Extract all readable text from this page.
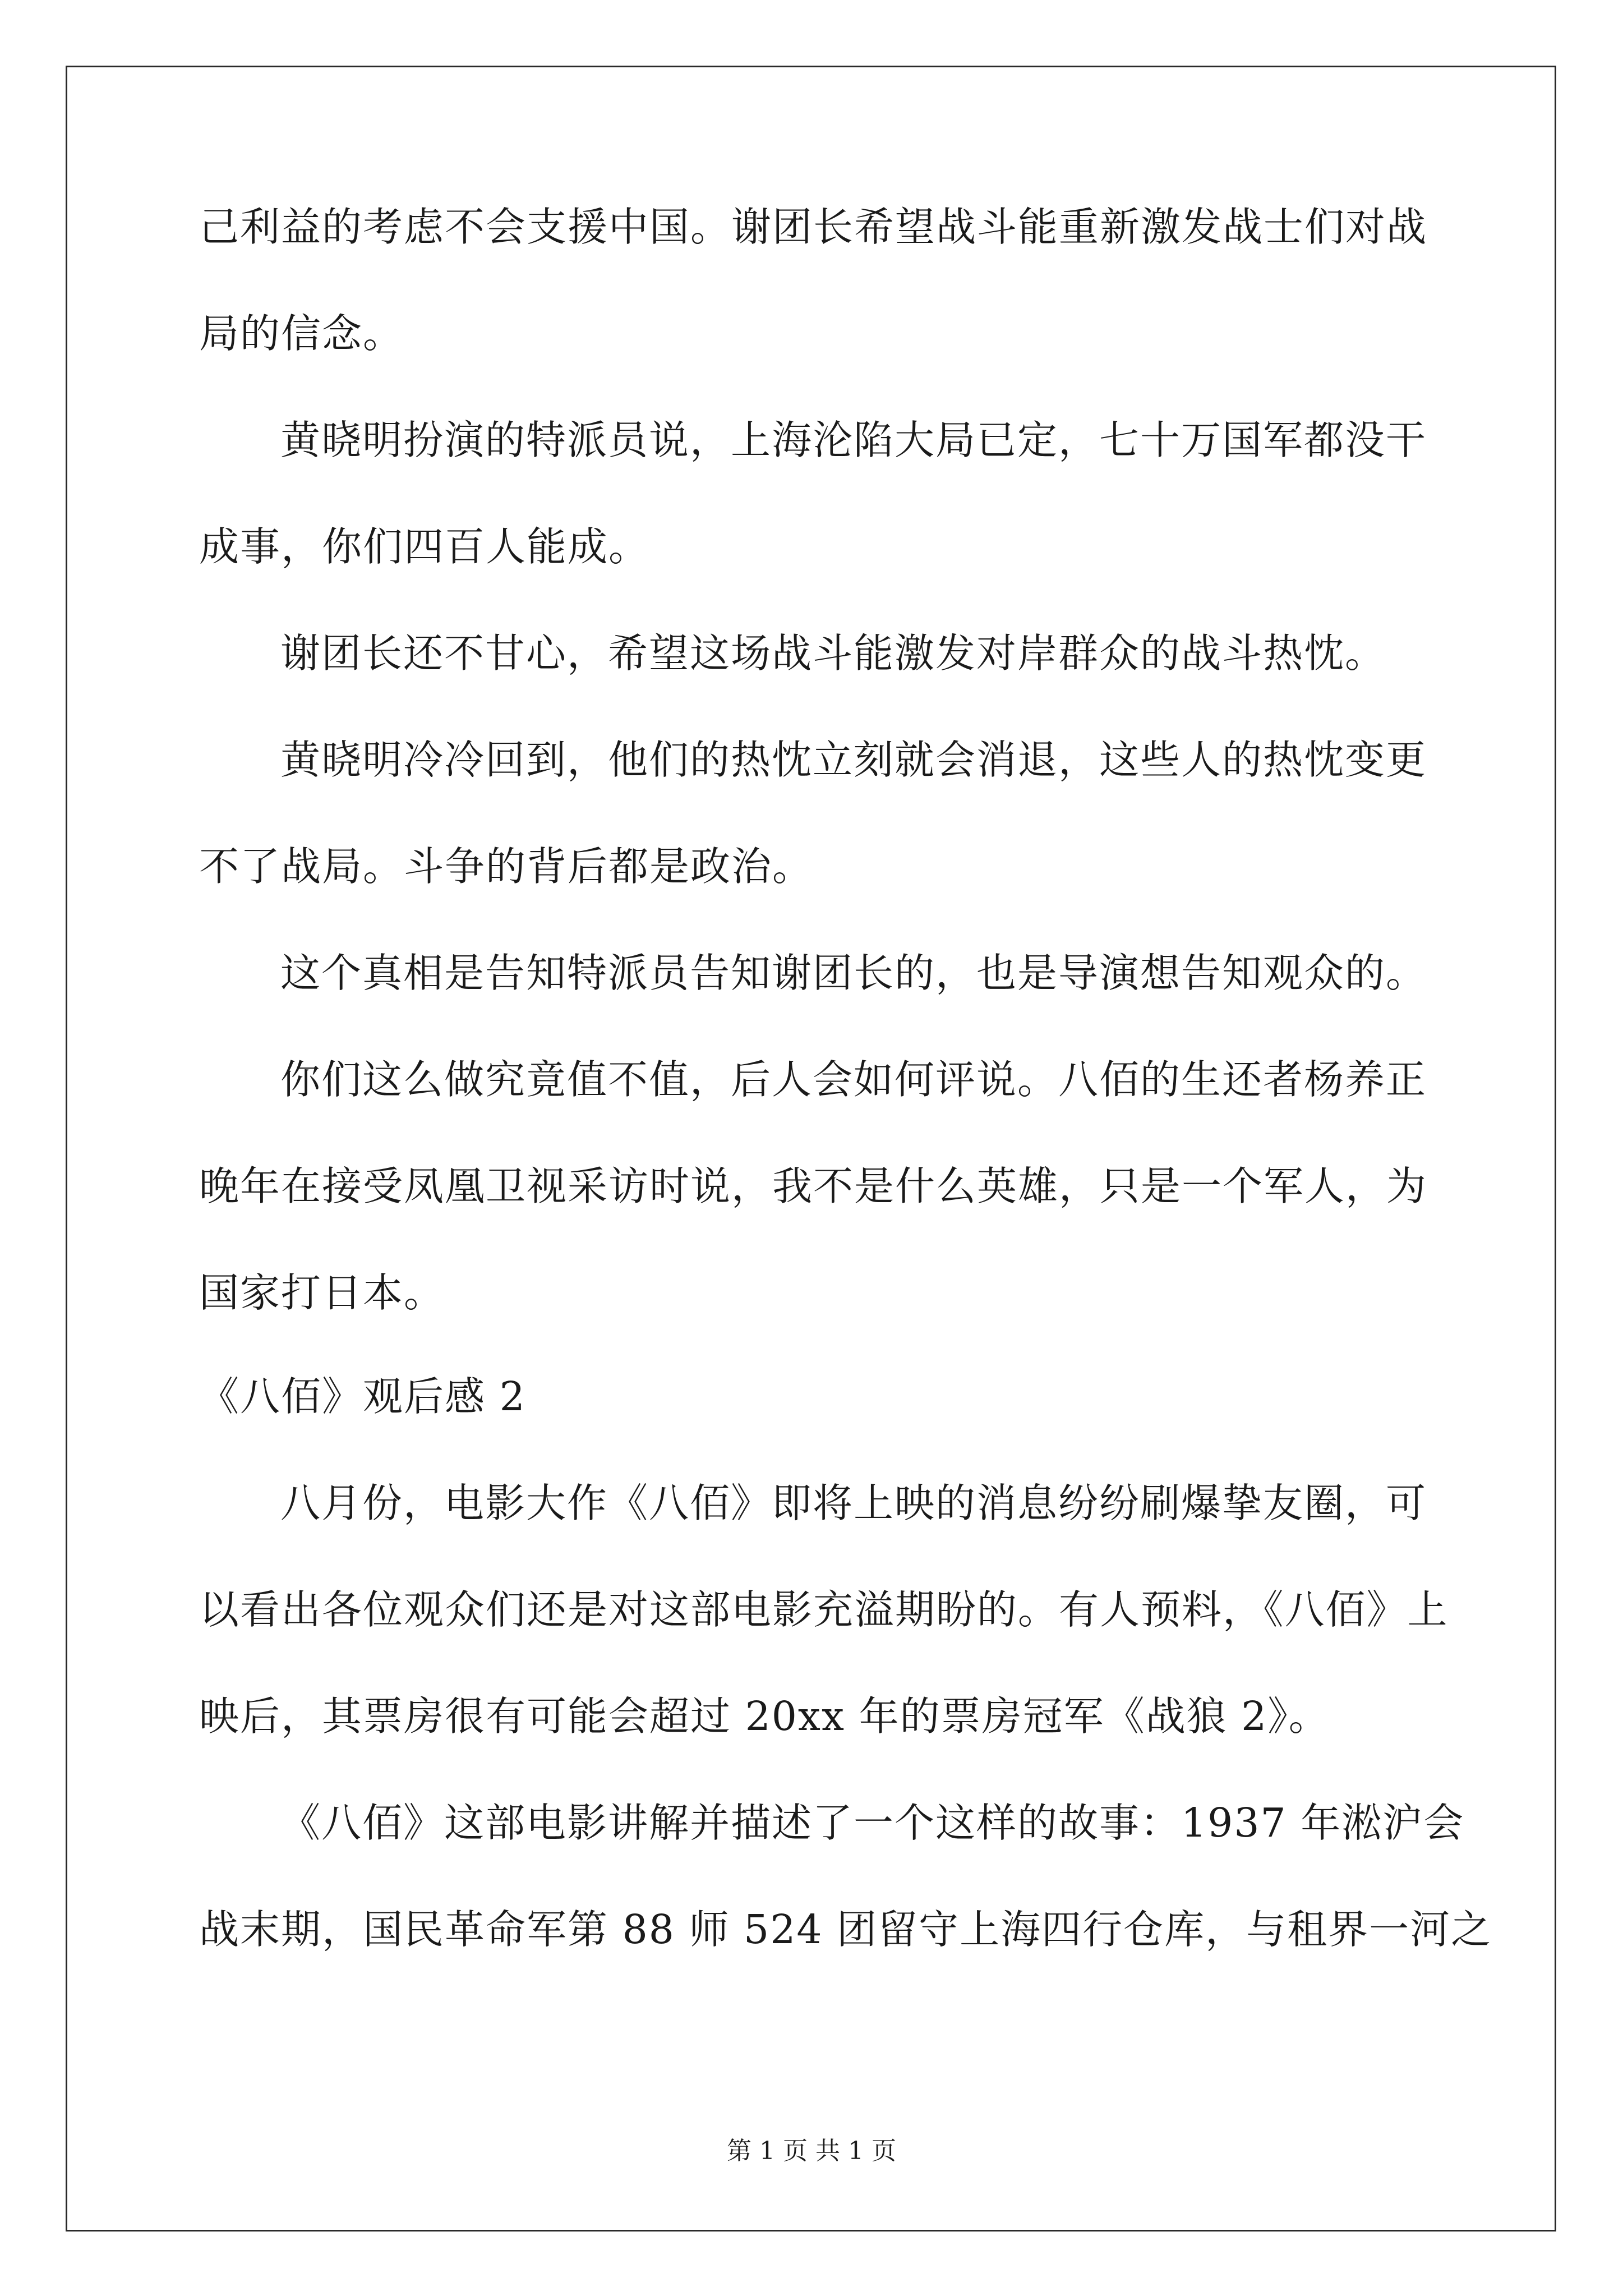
己利益的考虑不会支援中国。谢团长希望战斗能重新激发战士们对战
局的信念。
黄晓明扮演的特派员说，上海沦陷大局已定，七十万国军都没干
成事，你们四百人能成。
谢团长还不甘心，希望这场战斗能激发对岸群众的战斗热忱。
黄晓明冷冷回到，他们的热忱立刻就会消退，这些人的热忱变更
不了战局。斗争的背后都是政治。
这个真相是告知特派员告知谢团长的，也是导演想告知观众的。
你们这么做究竟值不值，后人会如何评说。八佰的生还者杨养正
晚年在接受凤凰卫视采访时说，我不是什么英雄，只是一个军人，为
国家打日本。
《八佰》观后感 2
八月份，电影大作《八佰》即将上映的消息纷纷刷爆挚友圈，可
以看出各位观众们还是对这部电影充溢期盼的。有人预料，《八佰》上
映后，其票房很有可能会超过 20xx 年的票房冠军《战狼 2》。
《八佰》这部电影讲解并描述了一个这样的故事：1937 年淞沪会
战末期，国民革命军第 88 师 524 团留守上海四行仓库，与租界一河之
第 1 页 共 1 页
